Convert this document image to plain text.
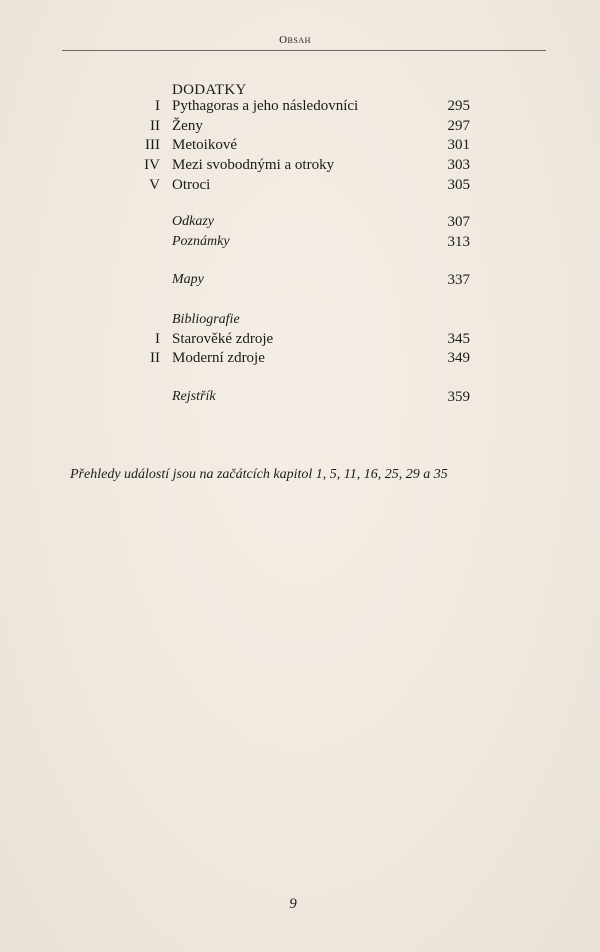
Obsah
DODATKY
I Pythagoras a jeho následovníci	295
II Ženy	297
III Metoikové	301
IV Mezi svobodnými a otroky	303
V Otroci	305
Odkazy	307
Poznámky	313
Mapy	337
Bibliografie
I Starověké zdroje	345
II Moderní zdroje	349
Rejstřík	359
Přehledy událostí jsou na začátcích kapitol 1, 5, 11, 16, 25, 29 a 35
9
